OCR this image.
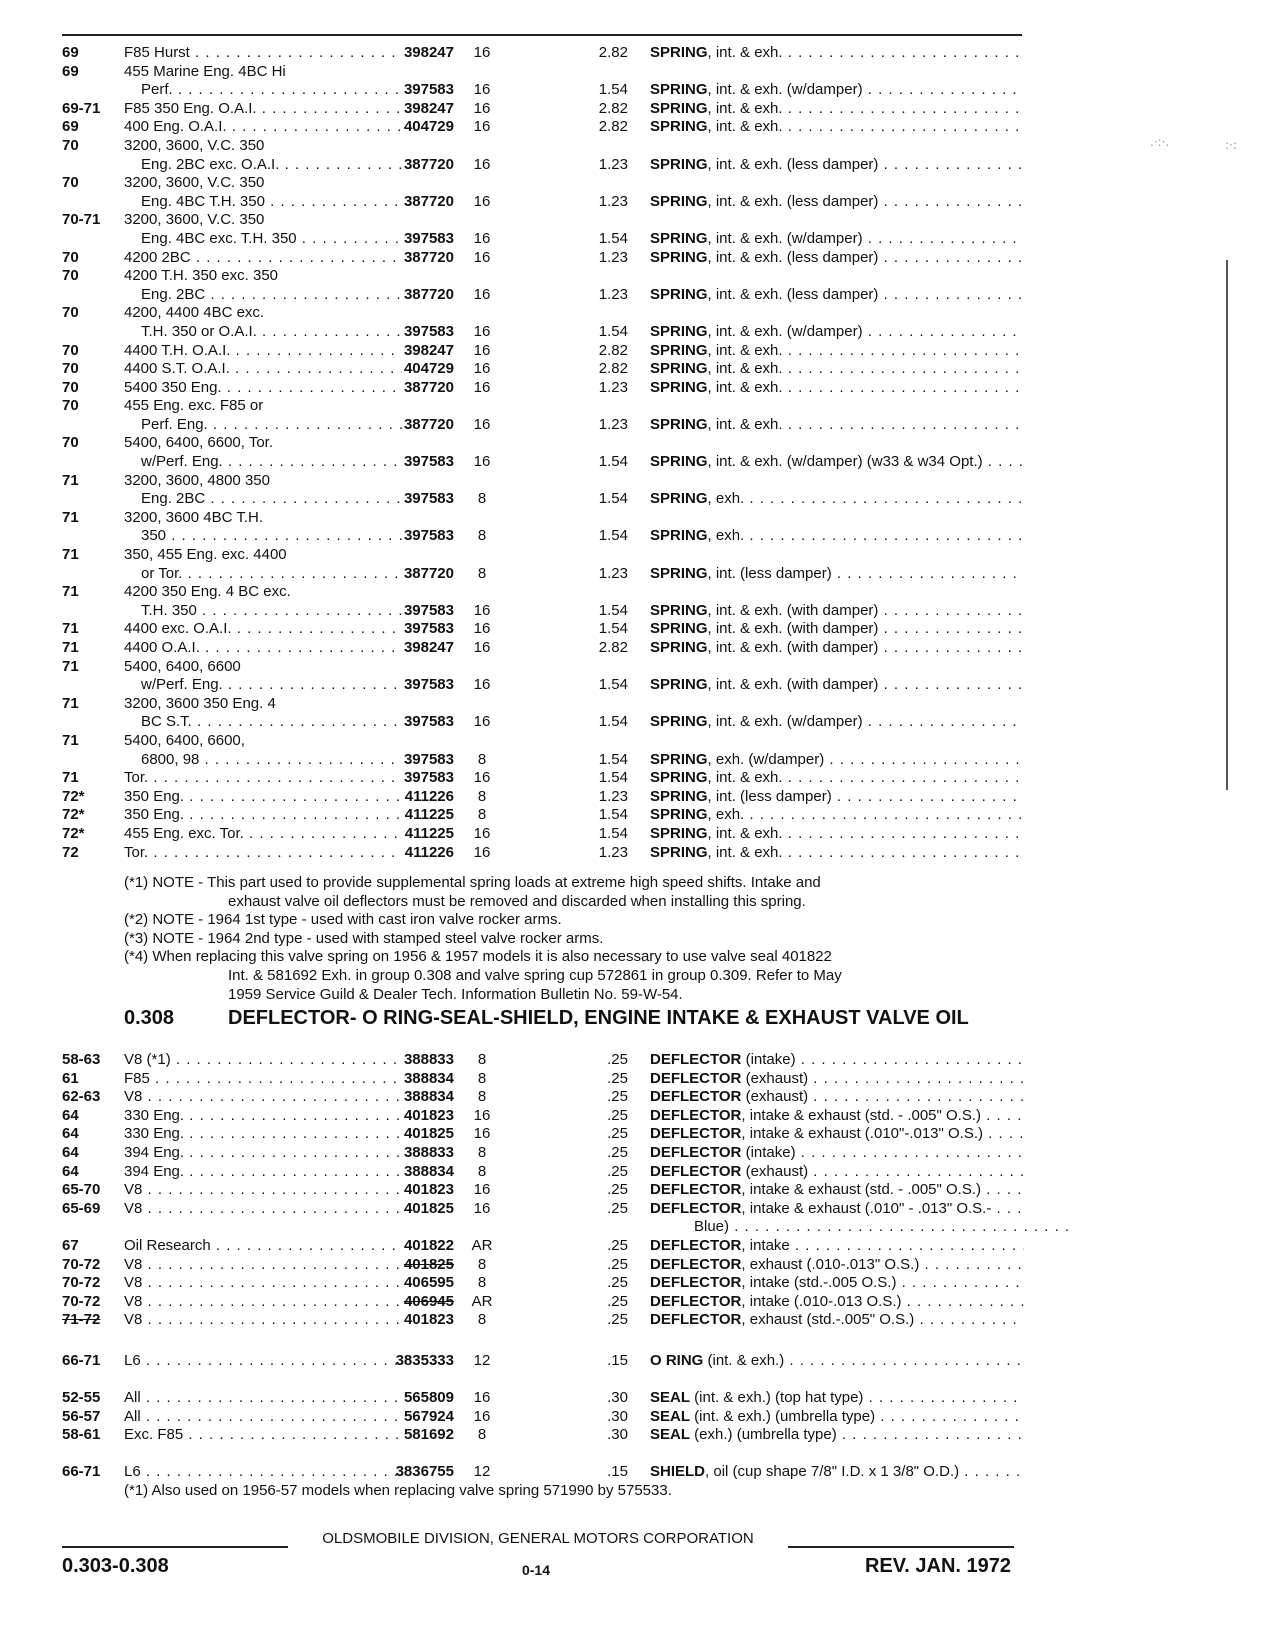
.·:·.	:·:
69	F85 Hurst . . .	398247	16	2.82 SPRING, int. & exh. . . .
69	455 Marine Eng. 4BC Hi
Perf. . . .	397583	16	1.54 SPRING, int. & exh. (w/damper) . . .
69-71	F85 350 Eng. O.A.I. . . .	398247	16	2.82 SPRING, int. & exh. . . .
69	400 Eng. O.A.I. . . .	404729	16	2.82 SPRING, int. & exh. . . .
70	3200, 3600, V.C. 350
Eng. 2BC exc. O.A.I. . . .	387720	16	1.23 SPRING, int. & exh. (less damper) . . .
70	3200, 3600, V.C. 350
Eng. 4BC T.H. 350 . . .	387720	16	1.23 SPRING, int. & exh. (less damper) . . .
70-71	3200, 3600, V.C. 350
Eng. 4BC exc. T.H. 350 . . .	397583	16	1.54 SPRING, int. & exh. (w/damper) . . .
70	4200 2BC . . .	387720	16	1.23 SPRING, int. & exh. (less damper) . . .
70	4200 T.H. 350 exc. 350
Eng. 2BC . . .	387720	16	1.23 SPRING, int. & exh. (less damper) . . .
70	4200, 4400 4BC exc.
T.H. 350 or O.A.I. . . .	397583	16	1.54 SPRING, int. & exh. (w/damper) . . .
70	4400 T.H. O.A.I. . . .	398247	16	2.82 SPRING, int. & exh. . . .
70	4400 S.T. O.A.I. . . .	404729	16	2.82 SPRING, int. & exh. . . .
70	5400 350 Eng. . . .	387720	16	1.23 SPRING, int. & exh. . . .
70	455 Eng. exc. F85 or
Perf. Eng. . . .	387720	16	1.23 SPRING, int. & exh. . . .
70	5400, 6400, 6600, Tor.
w/Perf. Eng. . . .	397583	16	1.54 SPRING, int. & exh. (w/damper) (w33 & w34 Opt.) . . .
71	3200, 3600, 4800 350
Eng. 2BC . . .	397583	8	1.54 SPRING, exh. . . .
71	3200, 3600 4BC T.H.
350 . . .	397583	8	1.54 SPRING, exh. . . .
71	350, 455 Eng. exc. 4400
or Tor. . . .	387720	8	1.23 SPRING, int. (less damper) . . .
71	4200 350 Eng. 4 BC exc.
T.H. 350 . . .	397583	16	1.54 SPRING, int. & exh. (with damper) . . .
71	4400 exc. O.A.I. . . .	397583	16	1.54 SPRING, int. & exh. (with damper) . . .
71	4400 O.A.I. . . .	398247	16	2.82 SPRING, int. & exh. (with damper) . . .
71	5400, 6400, 6600
w/Perf. Eng. . . .	397583	16	1.54 SPRING, int. & exh. (with damper) . . .
71	3200, 3600 350 Eng. 4
BC S.T. . . .	397583	16	1.54 SPRING, int. & exh. (w/damper) . . .
71	5400, 6400, 6600,
6800, 98 . . .	397583	8	1.54 SPRING, exh. (w/damper) . . .
71	Tor. . . .	397583	16	1.54 SPRING, int. & exh. . . .
72*	350 Eng. . . .	411226	8	1.23 SPRING, int. (less damper) . . .
72*	350 Eng. . . .	411225	8	1.54 SPRING, exh. . . .
72*	455 Eng. exc. Tor. . . .	411225	16	1.54 SPRING, int. & exh. . . .
72	Tor. . . .	411226	16	1.23 SPRING, int. & exh. . . .
(*1) NOTE - This part used to provide supplemental spring loads at extreme high speed shifts. Intake and
exhaust valve oil deflectors must be removed and discarded when installing this spring.
(*2) NOTE - 1964 1st type - used with cast iron valve rocker arms.
(*3) NOTE - 1964 2nd type - used with stamped steel valve rocker arms.
(*4) When replacing this valve spring on 1956 & 1957 models it is also necessary to use valve seal 401822
Int. & 581692 Exh. in group 0.308 and valve spring cup 572861 in group 0.309. Refer to May
1959 Service Guild & Dealer Tech. Information Bulletin No. 59-W-54.
0.308	DEFLECTOR- O RING-SEAL-SHIELD, ENGINE INTAKE & EXHAUST VALVE OIL
58-63	V8 (*1) . . .	388833	8	.25 DEFLECTOR (intake) . . .
61	F85 . . .	388834	8	.25 DEFLECTOR (exhaust) . . .
62-63	V8 . . .	388834	8	.25 DEFLECTOR (exhaust) . . .
64	330 Eng. . . .	401823	16	.25 DEFLECTOR, intake & exhaust (std. - .005" O.S.) . . .
64	330 Eng. . . .	401825	16	.25 DEFLECTOR, intake & exhaust (.010"-.013" O.S.) . . .
64	394 Eng. . . .	388833	8	.25 DEFLECTOR (intake) . . .
64	394 Eng. . . .	388834	8	.25 DEFLECTOR (exhaust) . . .
65-70	V8 . . .	401823	16	.25 DEFLECTOR, intake & exhaust (std. - .005" O.S.) . . .
65-69	V8 . . .	401825	16	.25 DEFLECTOR, intake & exhaust (.010" - .013" O.S.- . . .
Blue) . . .
67	Oil Research . . .	401822	AR	.25 DEFLECTOR, intake . . .
70-72	V8 . . .	401825	8	.25 DEFLECTOR, exhaust (.010-.013" O.S.) . . .
70-72	V8 . . .	406595	8	.25 DEFLECTOR, intake (std.-.005 O.S.) . . .
70-72	V8 . . .	406945	AR	.25 DEFLECTOR, intake (.010-.013 O.S.) . . .
71-72	V8 . . .	401823	8	.25 DEFLECTOR, exhaust (std.-.005" O.S.) . . .
66-71	L6 . . .	3835333	12	.15 O RING (int. & exh.) . . .
52-55	All . . .	565809	16	.30 SEAL (int. & exh.) (top hat type) . . .
56-57	All . . .	567924	16	.30 SEAL (int. & exh.) (umbrella type) . . .
58-61	Exc. F85 . . .	581692	8	.30 SEAL (exh.) (umbrella type) . . .
66-71	L6 . . .	3836755	12	.15 SHIELD, oil (cup shape 7/8" I.D. x 1 3/8" O.D.) . . .
(*1) Also used on 1956-57 models when replacing valve spring 571990 by 575533.
OLDSMOBILE DIVISION, GENERAL MOTORS CORPORATION
0.303-0.308	0-14	REV. JAN. 1972
